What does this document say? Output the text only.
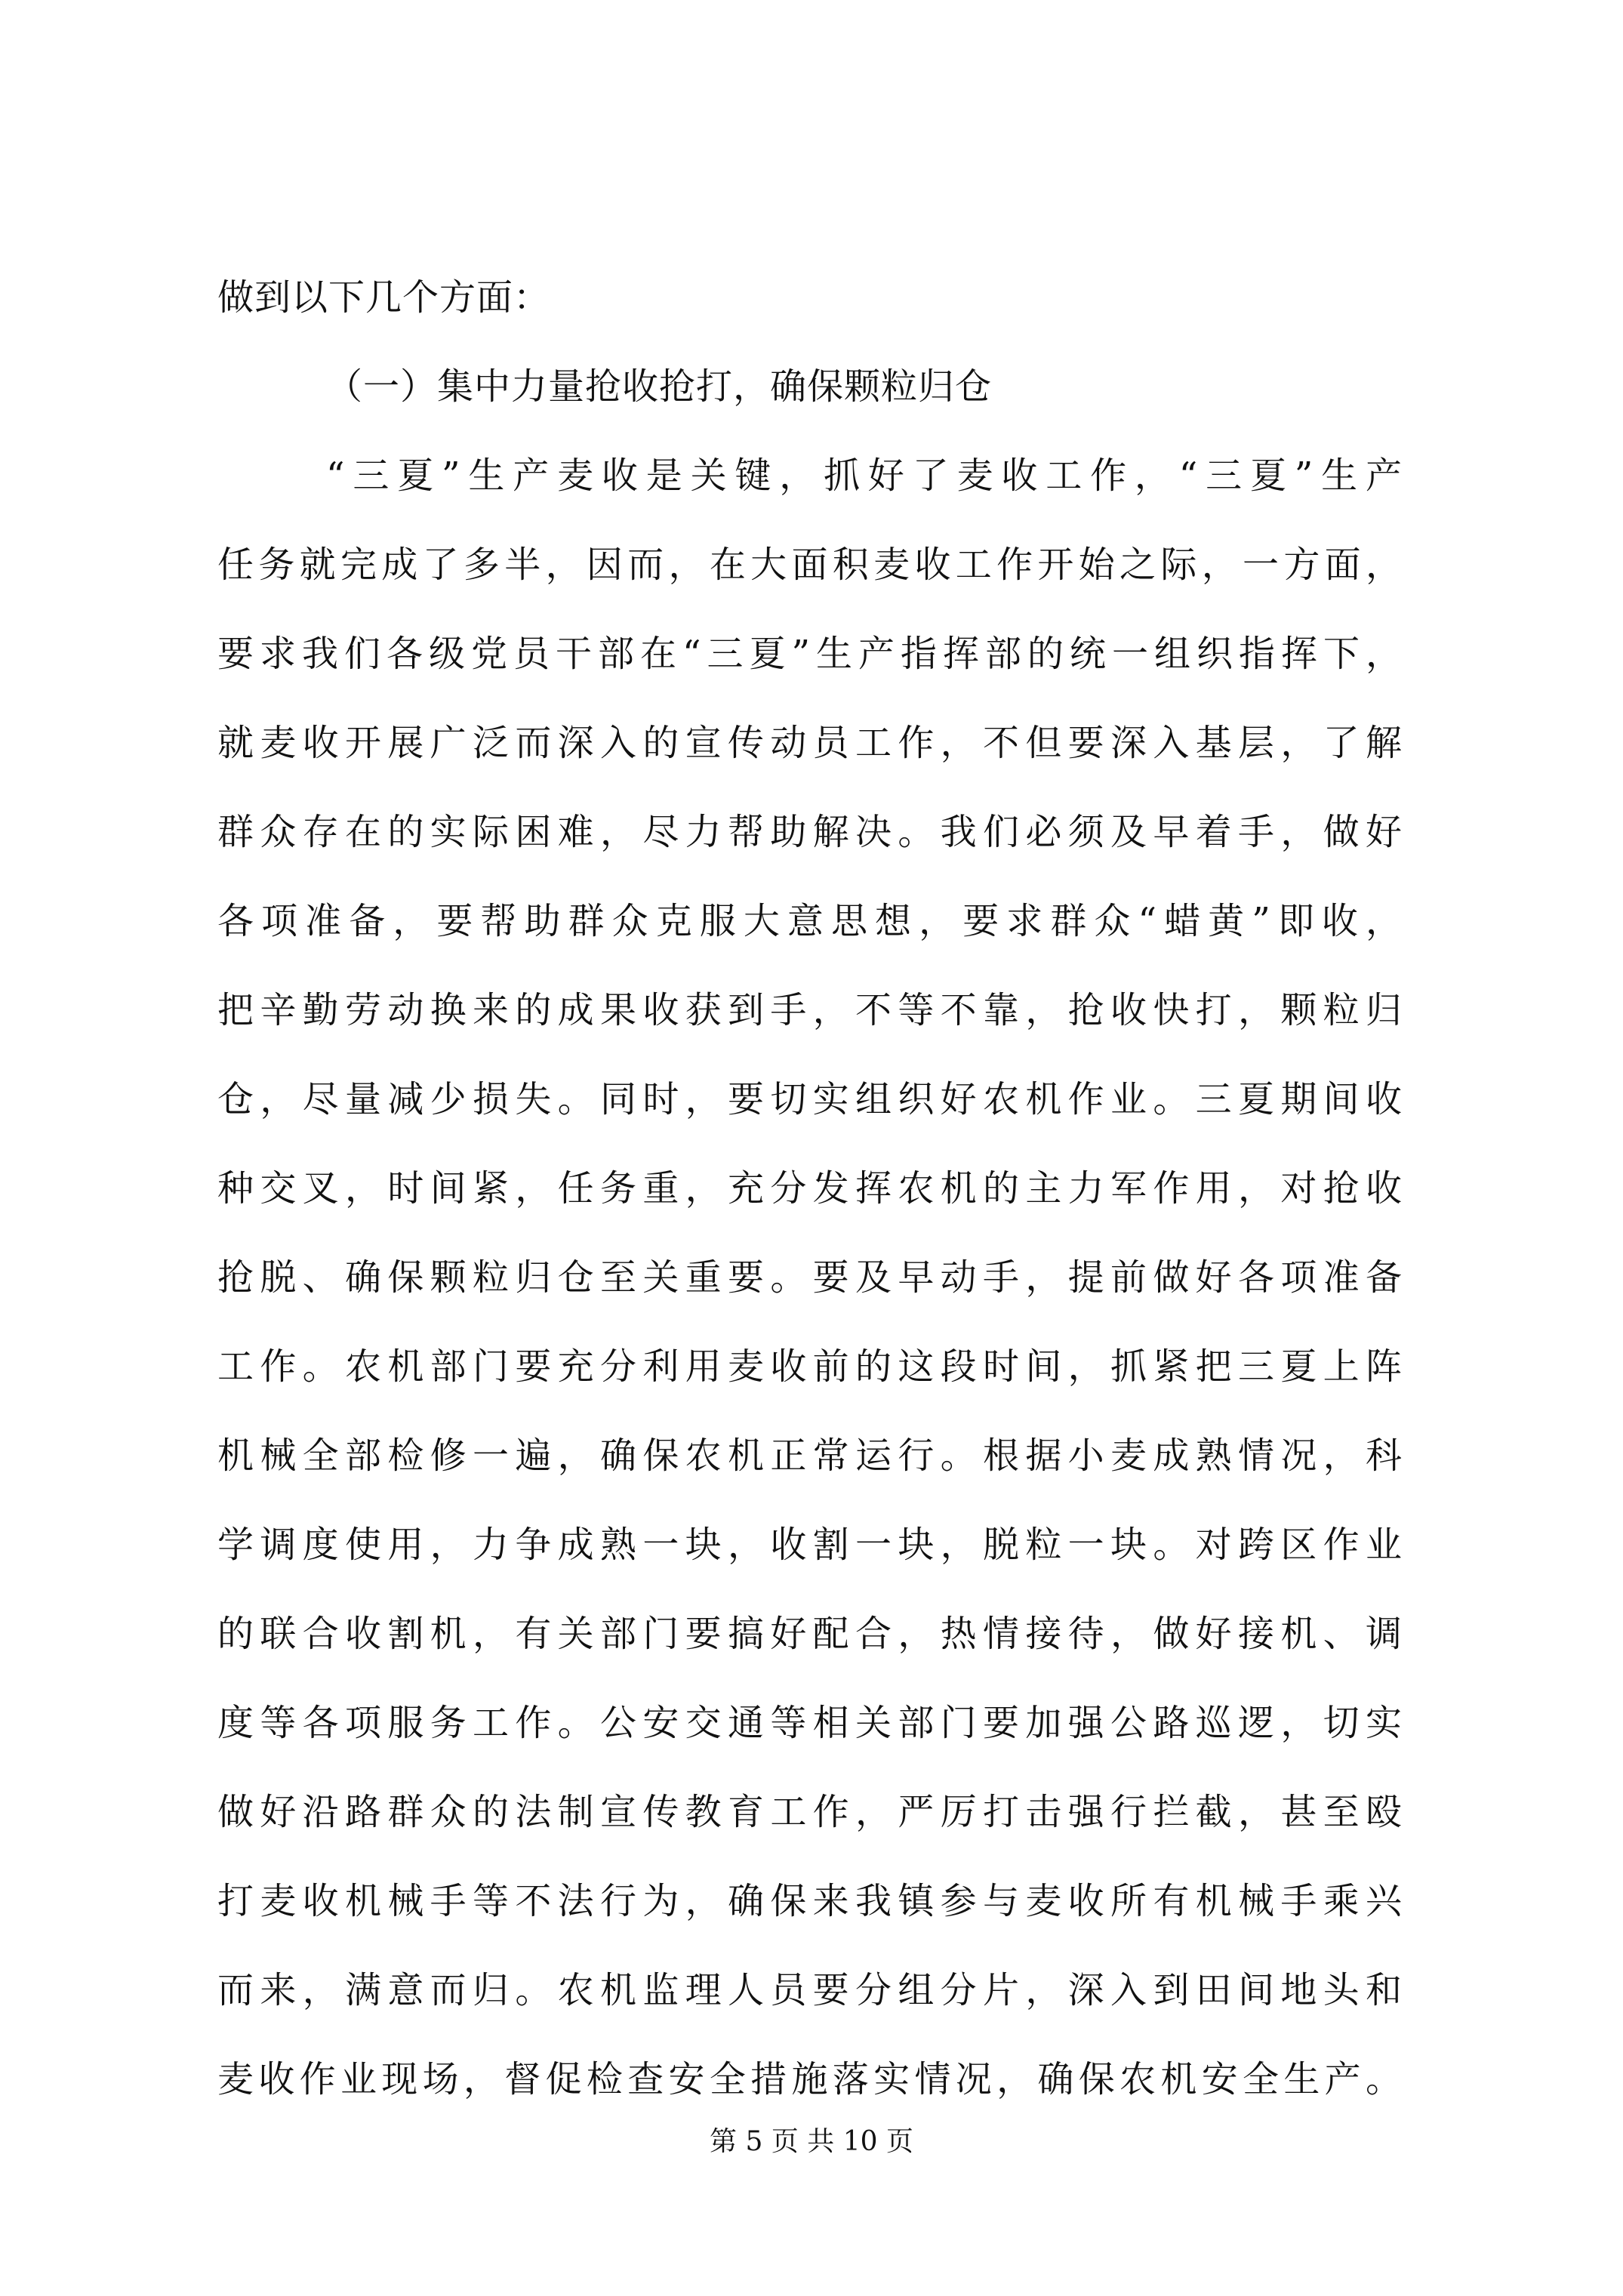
做到以下几个方面：
（一）集中力量抢收抢打，确保颗粒归仓
“三夏”生产麦收是关键，抓好了麦收工作，“三夏”生产
任务就完成了多半，因而，在大面积麦收工作开始之际，一方面，
要求我们各级党员干部在“三夏”生产指挥部的统一组织指挥下，
就麦收开展广泛而深入的宣传动员工作，不但要深入基层，了解
群众存在的实际困难，尽力帮助解决。我们必须及早着手，做好
各项准备，要帮助群众克服大意思想，要求群众“蜡黄”即收，
把辛勤劳动换来的成果收获到手，不等不靠，抢收快打，颗粒归
仓，尽量减少损失。同时，要切实组织好农机作业。三夏期间收
种交叉，时间紧，任务重，充分发挥农机的主力军作用，对抢收
抢脱、确保颗粒归仓至关重要。要及早动手，提前做好各项准备
工作。农机部门要充分利用麦收前的这段时间，抓紧把三夏上阵
机械全部检修一遍，确保农机正常运行。根据小麦成熟情况，科
学调度使用，力争成熟一块，收割一块，脱粒一块。对跨区作业
的联合收割机，有关部门要搞好配合，热情接待，做好接机、调
度等各项服务工作。公安交通等相关部门要加强公路巡逻，切实
做好沿路群众的法制宣传教育工作，严厉打击强行拦截，甚至殴
打麦收机械手等不法行为，确保来我镇参与麦收所有机械手乘兴
而来，满意而归。农机监理人员要分组分片，深入到田间地头和
麦收作业现场，督促检查安全措施落实情况，确保农机安全生产。
第 5 页 共 10 页
